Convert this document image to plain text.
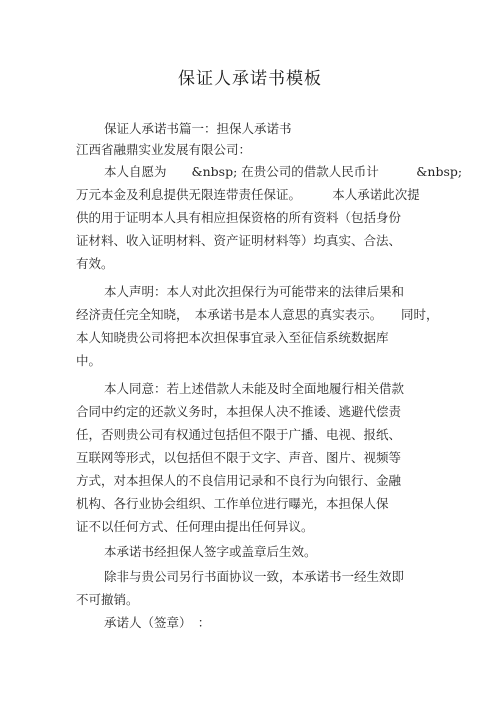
保证人承诺书模板
保证人承诺书篇一：担保人承诺书
江西省融鼎实业发展有限公司：
本人自愿为　　&nbsp; 在贵公司的借款人民币计　　　&nbsp;
万元本金及利息提供无限连带责任保证。　　　本人承诺此次提
供的用于证明本人具有相应担保资格的所有资料（包括身份
证材料、收入证明材料、资产证明材料等）均真实、合法、
有效。
本人声明：本人对此次担保行为可能带来的法律后果和
经济责任完全知晓，　本承诺书是本人意思的真实表示。　　同时，
本人知晓贵公司将把本次担保事宜录入至征信系统数据库
中。
本人同意：若上述借款人未能及时全面地履行相关借款
合同中约定的还款义务时，本担保人决不推诿、逃避代偿责
任，否则贵公司有权通过包括但不限于广播、电视、报纸、
互联网等形式，以包括但不限于文字、声音、图片、视频等
方式，对本担保人的不良信用记录和不良行为向银行、金融
机构、各行业协会组织、工作单位进行曝光，本担保人保
证不以任何方式、任何理由提出任何异议。
本承诺书经担保人签字或盖章后生效。
除非与贵公司另行书面协议一致，本承诺书一经生效即
不可撤销。
承诺人（签章）　：
